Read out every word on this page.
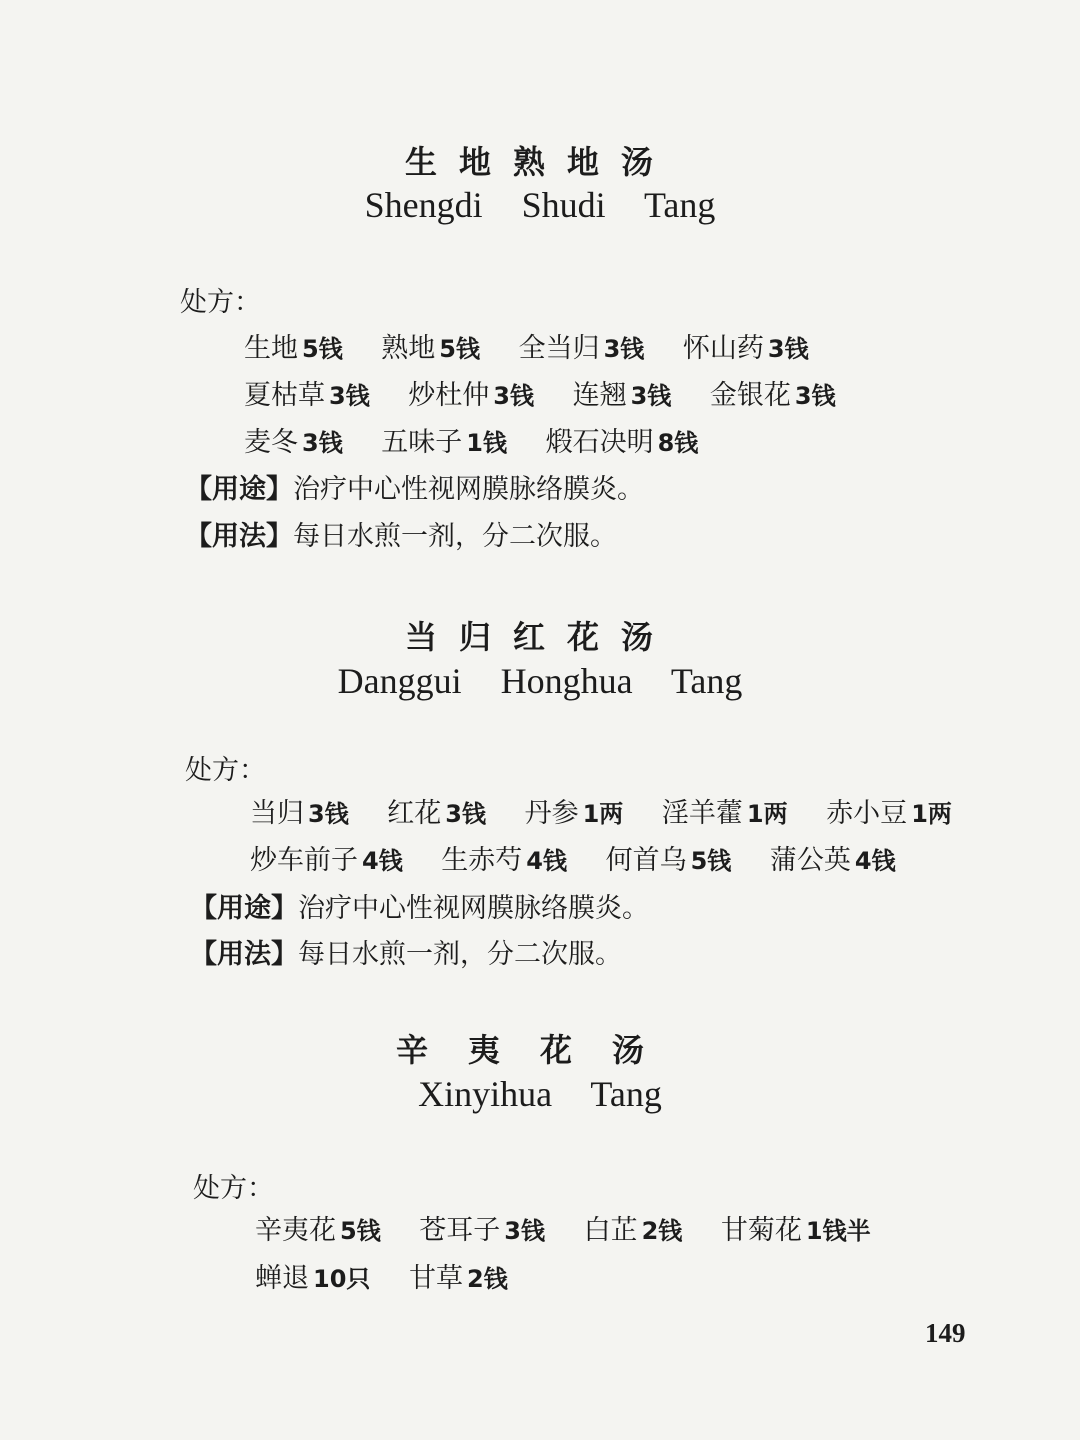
生地熟地汤
Shengdi Shudi Tang
处方：
生地 5钱 熟地 5钱 全当归 3钱 怀山药 3钱
夏枯草 3钱 炒杜仲 3钱 连翘 3钱 金银花 3钱
麦冬 3钱 五味子 1钱 煅石决明 8钱
【用途】治疗中心性视网膜脉络膜炎。
【用法】每日水煎一剂，分二次服。
当归红花汤
Danggui Honghua Tang
处方：
当归 3钱 红花 3钱 丹参 1两 淫羊藿 1两 赤小豆 1两
炒车前子 4钱 生赤芍 4钱 何首乌 5钱 蒲公英 4钱
【用途】治疗中心性视网膜脉络膜炎。
【用法】每日水煎一剂，分二次服。
辛夷花汤
Xinyihua Tang
处方：
辛夷花 5钱 苍耳子 3钱 白芷 2钱 甘菊花 1钱半
蝉退 10只 甘草 2钱
149
